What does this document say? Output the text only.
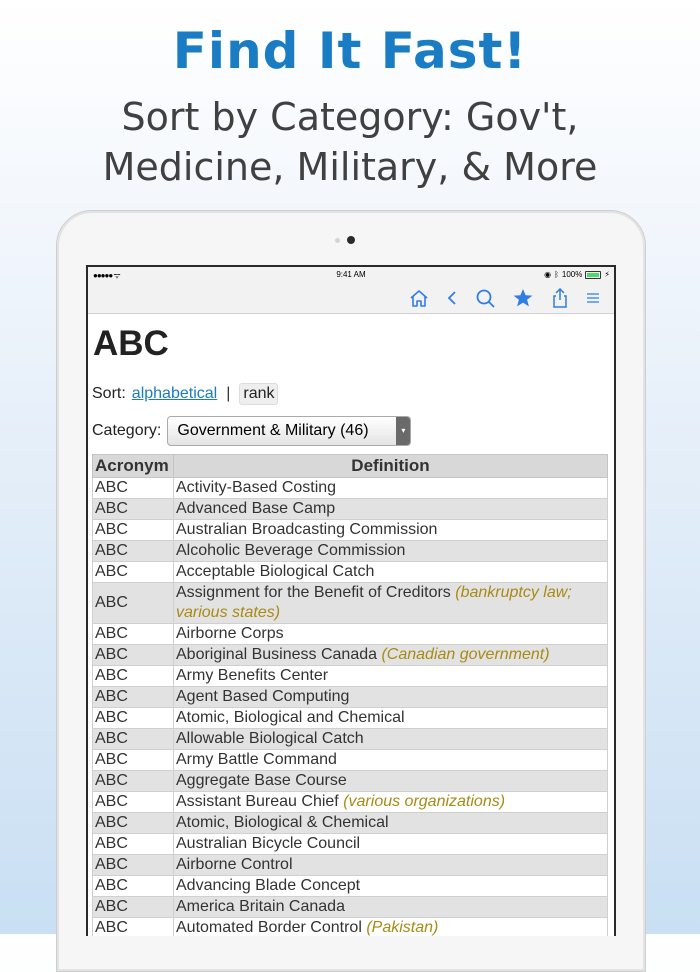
Find It Fast!
Sort by Category: Gov't,
Medicine, Military, & More
●●●●● ᯤ	9:41 AM	◉ ᛒ 100%	⚡
ABC
Sort: alphabetical | rank
Category: Government & Military (46)	▾
Acronym	Definition
ABC	Activity-Based Costing
ABC	Advanced Base Camp
ABC	Australian Broadcasting Commission
ABC	Alcoholic Beverage Commission
ABC	Acceptable Biological Catch
ABC	Assignment for the Benefit of Creditors (bankruptcy law; various states)
ABC	Airborne Corps
ABC	Aboriginal Business Canada (Canadian government)
ABC	Army Benefits Center
ABC	Agent Based Computing
ABC	Atomic, Biological and Chemical
ABC	Allowable Biological Catch
ABC	Army Battle Command
ABC	Aggregate Base Course
ABC	Assistant Bureau Chief (various organizations)
ABC	Atomic, Biological & Chemical
ABC	Australian Bicycle Council
ABC	Airborne Control
ABC	Advancing Blade Concept
ABC	America Britain Canada
ABC	Automated Border Control (Pakistan)
